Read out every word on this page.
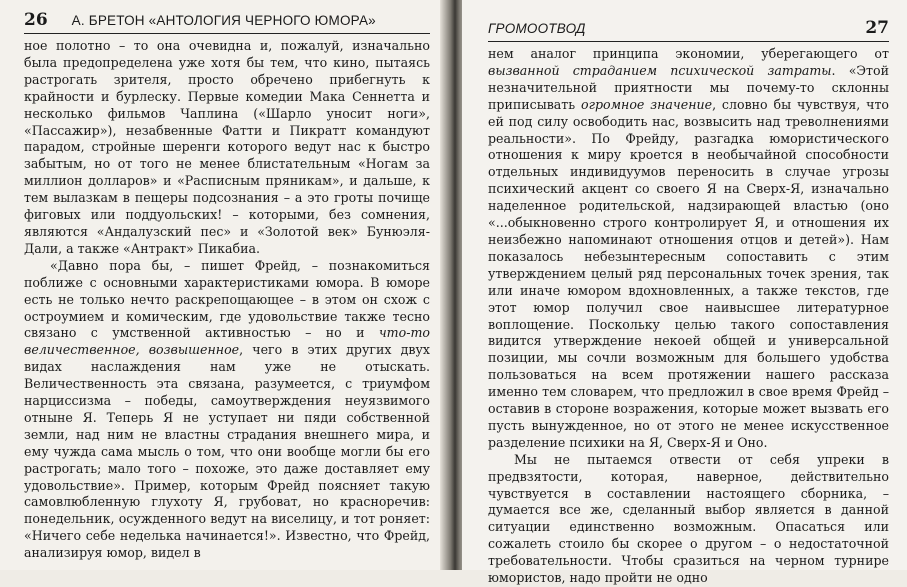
26 А. БРЕТОН «АНТОЛОГИЯ ЧЕРНОГО ЮМОРА»

ное полотно – то она очевидна и, пожалуй, изначально была предопределена уже хотя бы тем, что кино, пытаясь растрогать зрителя, просто обречено прибегнуть к крайности и бурлеску. Первые комедии Мака Сеннетта и несколько фильмов Чаплина («Шарло уносит ноги», «Пассажир»), незабвенные Фатти и Пикратт командуют парадом, стройные шеренги которого ведут нас к быстро забытым, но от того не менее блистательным «Ногам за миллион долларов» и «Расписным пряникам», и дальше, к тем вылазкам в пещеры подсознания – а это гроты почище фиговых или поддуольских! – которыми, без сомнения, являются «Андалузский пес» и «Золотой век» Бунюэля-Дали, а также «Антракт» Пикабиа.

«Давно пора бы, – пишет Фрейд, – познакомиться поближе с основными характеристиками юмора. В юморе есть не только нечто раскрепощающее – в этом он схож с остроумием и комическим, где удовольствие также тесно связано с умственной активностью – но и что-то величественное, возвышенное, чего в этих других двух видах наслаждения нам уже не отыскать. Величественность эта связана, разумеется, с триумфом нарциссизма – победы, самоутверждения неуязвимого отныне Я. Теперь Я не уступает ни пяди собственной земли, над ним не властны страдания внешнего мира, и ему чужда сама мысль о том, что они вообще могли бы его растрогать; мало того – похоже, это даже доставляет ему удовольствие». Пример, которым Фрейд поясняет такую самовлюбленную глухоту Я, грубоват, но красноречив: понедельник, осужденного ведут на виселицу, и тот роняет: «Ничего себе неделька начинается!». Известно, что Фрейд, анализируя юмор, видел в

ГРОМООТВОД	27

нем аналог принципа экономии, уберегающего от вызванной страданием психической затраты. «Этой незначительной приятности мы почему-то склонны приписывать огромное значение, словно бы чувствуя, что ей под силу освободить нас, возвысить над треволнениями реальности». По Фрейду, разгадка юмористического отношения к миру кроется в необычайной способности отдельных индивидуумов переносить в случае угрозы психический акцент со своего Я на Сверх-Я, изначально наделенное родительской, надзирающей властью (оно «...обыкновенно строго контролирует Я, и отношения их неизбежно напоминают отношения отцов и детей»). Нам показалось небезынтересным сопоставить с этим утверждением целый ряд персональных точек зрения, так или иначе юмором вдохновленных, а также текстов, где этот юмор получил свое наивысшее литературное воплощение. Поскольку целью такого сопоставления видится утверждение некоей общей и универсальной позиции, мы сочли возможным для большего удобства пользоваться на всем протяжении нашего рассказа именно тем словарем, что предложил в свое время Фрейд – оставив в стороне возражения, которые может вызвать его пусть вынужденное, но от этого не менее искусственное разделение психики на Я, Сверх-Я и Оно.

Мы не пытаемся отвести от себя упреки в предвзятости, которая, наверное, действительно чувствуется в составлении настоящего сборника, – думается все же, сделанный выбор является в данной ситуации единственно возможным. Опасаться или сожалеть стоило бы скорее о другом – о недостаточной требовательности. Чтобы сразиться на черном турнире юмористов, надо пройти не одно
